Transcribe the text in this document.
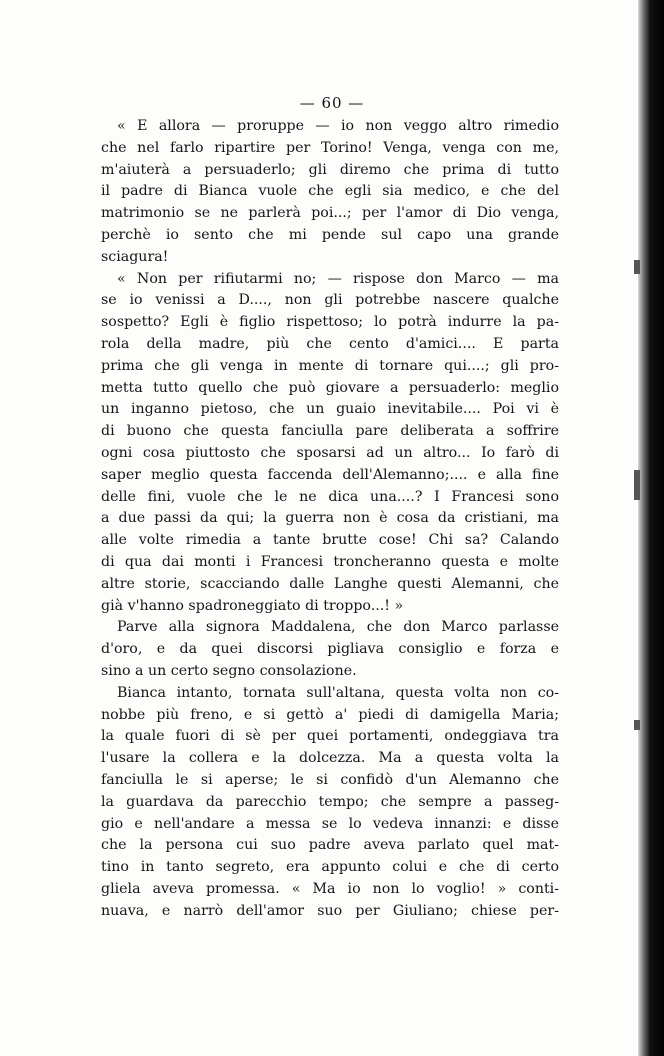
— 60 —
« E allora — proruppe — io non veggo altro rimedio
che nel farlo ripartire per Torino! Venga, venga con me,
m'aiuterà a persuaderlo; gli diremo che prima di tutto
il padre di Bianca vuole che egli sia medico, e che del
matrimonio se ne parlerà poi...; per l'amor di Dio venga,
perchè io sento che mi pende sul capo una grande
sciagura!
« Non per rifiutarmi no; — rispose don Marco — ma
se io venissi a D...., non gli potrebbe nascere qualche
sospetto? Egli è figlio rispettoso; lo potrà indurre la pa-
rola della madre, più che cento d'amici.... E parta
prima che gli venga in mente di tornare qui....; gli pro-
metta tutto quello che può giovare a persuaderlo: meglio
un inganno pietoso, che un guaio inevitabile.... Poi vi è
di buono che questa fanciulla pare deliberata a soffrire
ogni cosa piuttosto che sposarsi ad un altro... Io farò di
saper meglio questa faccenda dell'Alemanno;.... e alla fine
delle fini, vuole che le ne dica una....? I Francesi sono
a due passi da qui; la guerra non è cosa da cristiani, ma
alle volte rimedia a tante brutte cose! Chi sa? Calando
di qua dai monti i Francesi troncheranno questa e molte
altre storie, scacciando dalle Langhe questi Alemanni, che
già v'hanno spadroneggiato di troppo...! »
Parve alla signora Maddalena, che don Marco parlasse
d'oro, e da quei discorsi pigliava consiglio e forza e
sino a un certo segno consolazione.
Bianca intanto, tornata sull'altana, questa volta non co-
nobbe più freno, e si gettò a' piedi di damigella Maria;
la quale fuori di sè per quei portamenti, ondeggiava tra
l'usare la collera e la dolcezza. Ma a questa volta la
fanciulla le si aperse; le si confidò d'un Alemanno che
la guardava da parecchio tempo; che sempre a passeg-
gio e nell'andare a messa se lo vedeva innanzi: e disse
che la persona cui suo padre aveva parlato quel mat-
tino in tanto segreto, era appunto colui e che di certo
gliela aveva promessa. « Ma io non lo voglio! » conti-
nuava, e narrò dell'amor suo per Giuliano; chiese per-
